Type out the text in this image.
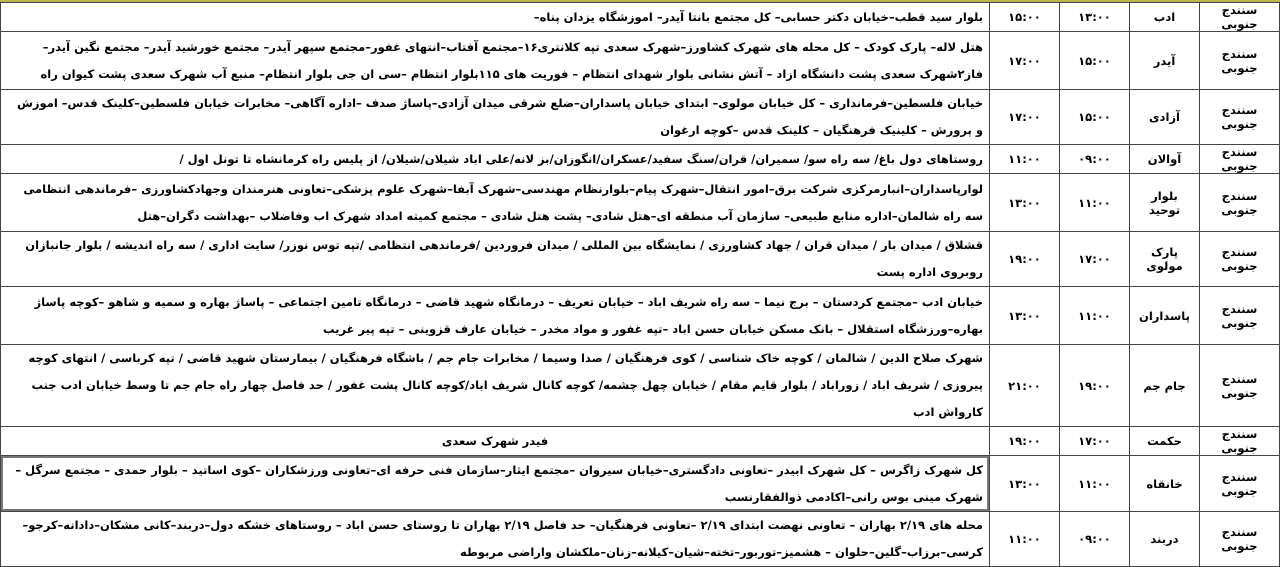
سنندج جنوبی	ادب	۱۳:۰۰	۱۵:۰۰	بلوار سید قطب–خیابان دکتر حسابی– کل مجتمع بانتا آیدر– اموزشگاه یزدان پناه–
سنندج جنوبی	آیدر	۱۵:۰۰	۱۷:۰۰	هتل لاله– پارک کودک – کل محله های شهرک کشاورز–شهرک سعدی تپه کلانتری۱۶–مجتمع آفتاب–انتهای غفور–مجتمع سپهر آیدر– مجتمع خورشید آیدر– مجتمع نگین آیدر–فاز۲شهرک سعدی پشت دانشگاه ازاد – آتش نشانی بلوار شهدای انتظام – فوریت های ۱۱۵بلوار انتظام –سی ان جی بلوار انتظام– منبع آب شهرک سعدی پشت کیوان راه
سنندج جنوبی	آزادی	۱۵:۰۰	۱۷:۰۰	خیابان فلسطین–فرمانداری – کل خیابان مولوی– ابتدای خیابان پاسداران–ضلع شرقی میدان آزادی–پاساژ صدف –اداره آگاهی– مخابرات خیابان فلسطین–کلینک قدس– اموزش و پرورش – کلینیک فرهنگیان – کلینک قدس –کوچه ارغوان
سنندج جنوبی	آوالان	۰۹:۰۰	۱۱:۰۰	روستاهای دول باغ/ سه راه سو/ سمیران/ قران/سنگ سفید/عسکران/انگوزان/بز لانه/علی اباد شیلان/شیلان/ از پلیس راه کرمانشاه تا تونل اول /
سنندج جنوبی	بلوار توحید	۱۱:۰۰	۱۳:۰۰	لوارپاسداران–انبارمرکزی شرکت برق–امور انتقال–شهرک پیام–بلوارنظام مهندسی–شهرک آبفا–شهرک علوم پزشکی–تعاونی هنرمندان وجهادکشاورزی –فرماندهی انتظامی سه راه شالمان–اداره منابع طبیعی– سازمان آب منطقه ای–هتل شادی– پشت هتل شادی – مجتمع کمیته امداد شهرک اب وفاضلاب –بهداشت دگران–هتل
سنندج جنوبی	پارک مولوی	۱۷:۰۰	۱۹:۰۰	قشلاق / میدان بار / میدان قران / جهاد کشاورزی / نمایشگاه بین المللی / میدان فروردین /فرماندهی انتظامی /تپه توس نوزر/ سایت اداری / سه راه اندیشه / بلوار جانبازان روبروی اداره پست
سنندج جنوبی	پاسداران	۱۱:۰۰	۱۳:۰۰	خیابان ادب –مجتمع کردستان – برج نیما – سه راه شریف اباد – خیابان تعریف – درمانگاه شهید قاضی – درمانگاه تامین اجتماعی – پاساژ بهاره و سمیه و شاهو –کوچه پاساژ بهاره–ورزشگاه استقلال – بانک مسکن خیابان حسن اباد –تپه غفور و مواد مخدر – خیابان عارف قزوینی – تپه پیر غریب
سنندج جنوبی	جام جم	۱۹:۰۰	۲۱:۰۰	شهرک صلاح الدین / شالمان / کوچه خاک شناسی / کوی فرهنگیان / صدا وسیما / مخابرات جام جم / باشگاه فرهنگیان / بیمارستان شهید قاضی / تپه کرباسی / انتهای کوچه پیروزی / شریف اباد / زوراباد / بلوار قایم مقام / خیابان چهل چشمه/ کوچه کانال شریف اباد/کوچه کانال پشت غفور / حد فاصل چهار راه جام جم تا وسط خیابان ادب جنب کارواش ادب
سنندج جنوبی	حکمت	۱۷:۰۰	۱۹:۰۰	فیدر شهرک سعدی
سنندج جنوبی	خانقاه	۱۱:۰۰	۱۳:۰۰	کل شهرک زاگرس – کل شهرک ابیدر –تعاونی دادگستری–خیابان سیروان –مجتمع ایثار–سازمان فنی حرفه ای–تعاونی ورزشکاران –کوی اساتید – بلوار حمدی – مجتمع سرگل – شهرک مینی بوس رانی–اکادمی ذوالفقارنسب
سنندج جنوبی	دربند	۰۹:۰۰	۱۱:۰۰	محله های ۲/۱۹ بهاران – تعاونی نهضت ابتدای ۲/۱۹ –تعاونی فرهنگیان– حد فاصل ۲/۱۹ بهاران تا روستای حسن اباد – روستاهای خشکه دول–دربند–کانی مشکان–دادانه–کرجو–کرسی–برزاب–گلین–حلوان – هشمیز–توربور–تخته–شیان–کیلانه–زنان–ملکشان واراضی مربوطه
